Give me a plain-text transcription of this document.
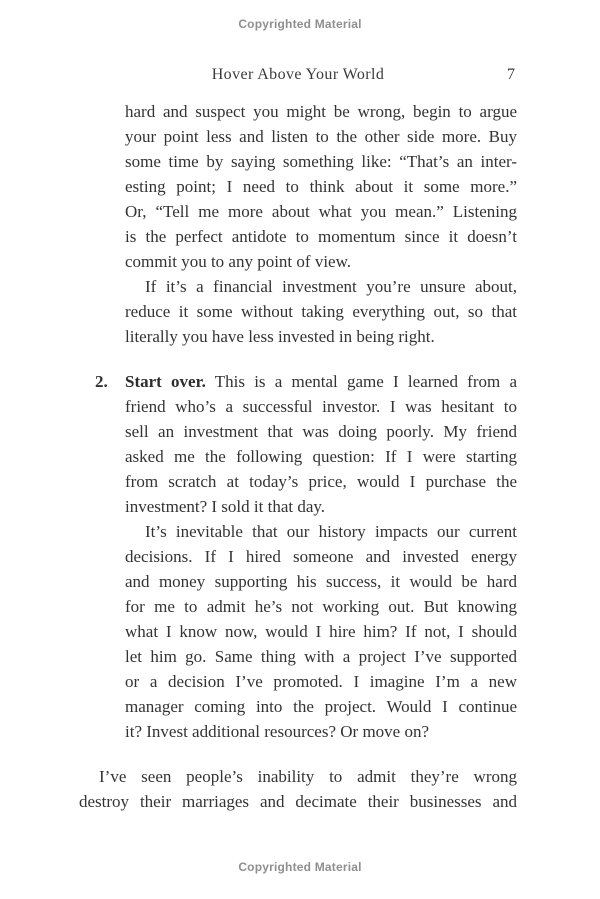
Copyrighted Material
Hover Above Your World	7
hard and suspect you might be wrong, begin to argue
your point less and listen to the other side more. Buy
some time by saying something like: “That’s an inter-
esting point; I need to think about it some more.”
Or, “Tell me more about what you mean.” Listening
is the perfect antidote to momentum since it doesn’t
commit you to any point of view.
If it’s a financial investment you’re unsure about,
reduce it some without taking everything out, so that
literally you have less invested in being right.
2.	Start over. This is a mental game I learned from a
friend who’s a successful investor. I was hesitant to
sell an investment that was doing poorly. My friend
asked me the following question: If I were starting
from scratch at today’s price, would I purchase the
investment? I sold it that day.
It’s inevitable that our history impacts our current
decisions. If I hired someone and invested energy
and money supporting his success, it would be hard
for me to admit he’s not working out. But knowing
what I know now, would I hire him? If not, I should
let him go. Same thing with a project I’ve supported
or a decision I’ve promoted. I imagine I’m a new
manager coming into the project. Would I continue
it? Invest additional resources? Or move on?
I’ve seen people’s inability to admit they’re wrong
destroy their marriages and decimate their businesses and
Copyrighted Material
